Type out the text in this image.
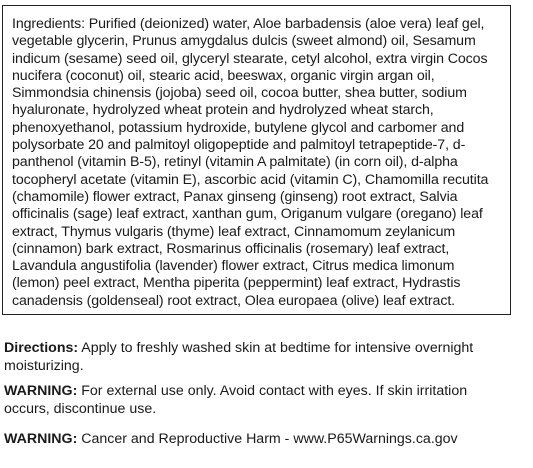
Ingredients: Purified (deionized) water, Aloe barbadensis (aloe vera) leaf gel, vegetable glycerin, Prunus amygdalus dulcis (sweet almond) oil, Sesamum indicum (sesame) seed oil, glyceryl stearate, cetyl alcohol, extra virgin Cocos nucifera (coconut) oil, stearic acid, beeswax, organic virgin argan oil, Simmondsia chinensis (jojoba) seed oil, cocoa butter, shea butter, sodium hyaluronate, hydrolyzed wheat protein and hydrolyzed wheat starch, phenoxyethanol, potassium hydroxide, butylene glycol and carbomer and polysorbate 20 and palmitoyl oligopeptide and palmitoyl tetrapeptide-7, d-panthenol (vitamin B-5), retinyl (vitamin A palmitate) (in corn oil), d-alpha tocopheryl acetate (vitamin E), ascorbic acid (vitamin C), Chamomilla recutita (chamomile) flower extract, Panax ginseng (ginseng) root extract, Salvia officinalis (sage) leaf extract, xanthan gum, Origanum vulgare (oregano) leaf extract, Thymus vulgaris (thyme) leaf extract, Cinnamomum zeylanicum (cinnamon) bark extract, Rosmarinus officinalis (rosemary) leaf extract, Lavandula angustifolia (lavender) flower extract, Citrus medica limonum (lemon) peel extract, Mentha piperita (peppermint) leaf extract, Hydrastis canadensis (goldenseal) root extract, Olea europaea (olive) leaf extract.

Directions: Apply to freshly washed skin at bedtime for intensive overnight moisturizing.

WARNING: For external use only. Avoid contact with eyes. If skin irritation occurs, discontinue use.

WARNING: Cancer and Reproductive Harm - www.P65Warnings.ca.gov
